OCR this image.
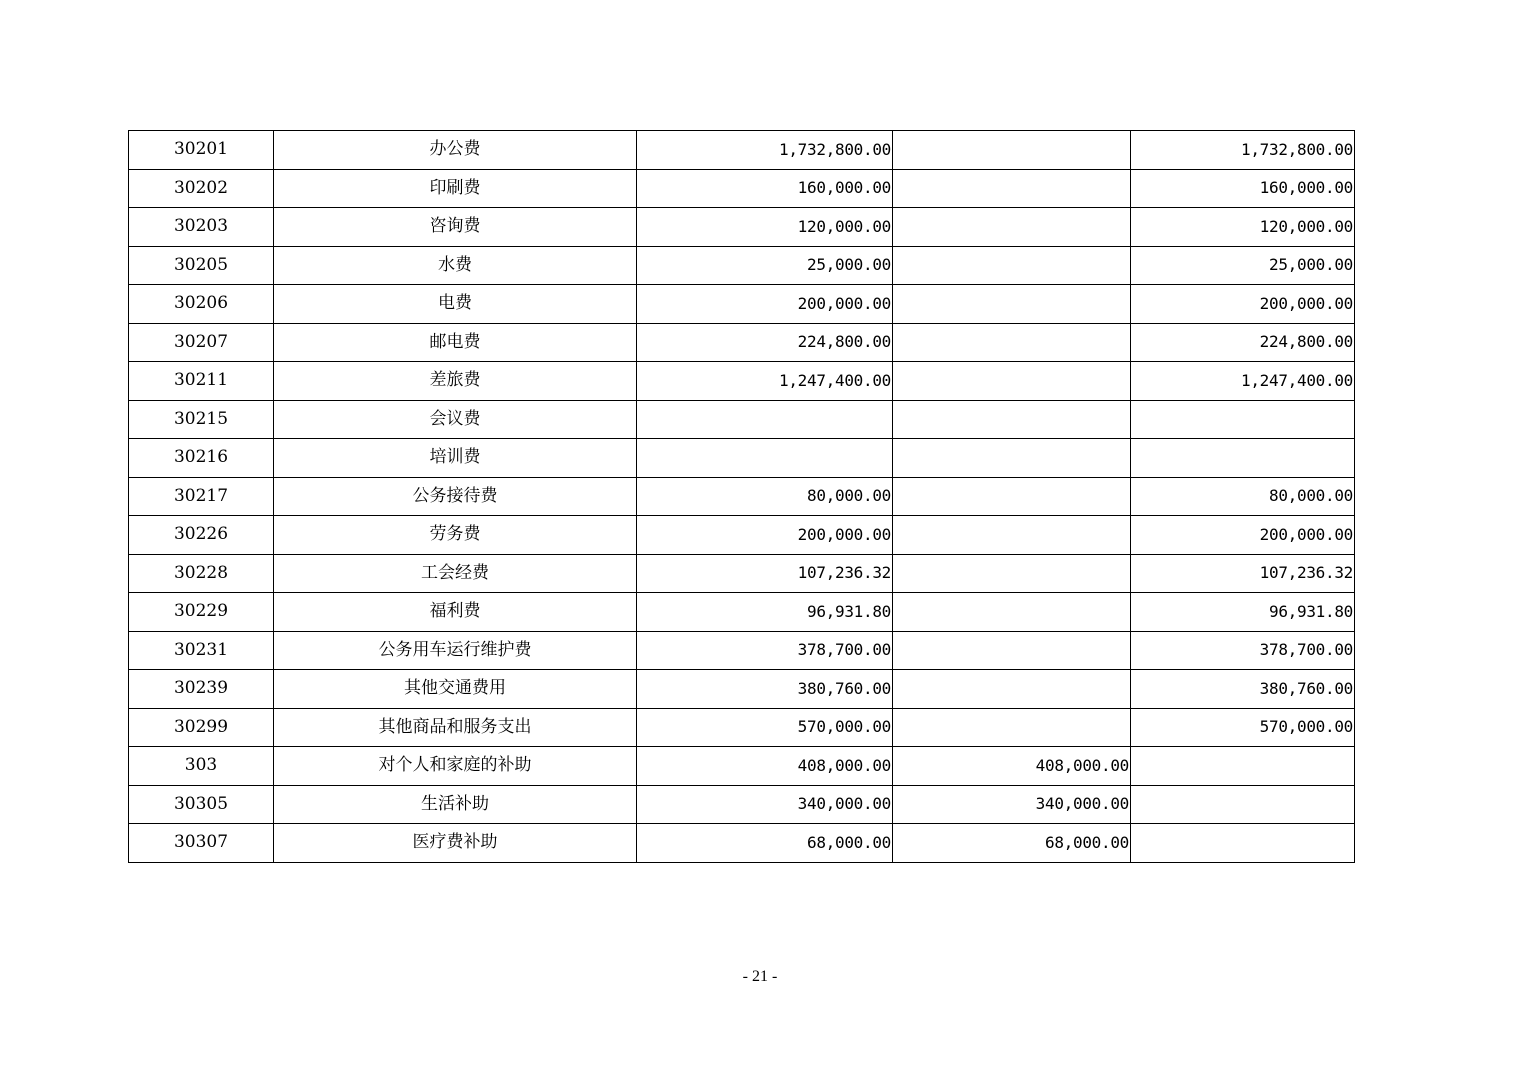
30201	办公费	1,732,800.00		1,732,800.00
30202	印刷费	160,000.00		160,000.00
30203	咨询费	120,000.00		120,000.00
30205	水费	25,000.00		25,000.00
30206	电费	200,000.00		200,000.00
30207	邮电费	224,800.00		224,800.00
30211	差旅费	1,247,400.00		1,247,400.00
30215	会议费			
30216	培训费			
30217	公务接待费	80,000.00		80,000.00
30226	劳务费	200,000.00		200,000.00
30228	工会经费	107,236.32		107,236.32
30229	福利费	96,931.80		96,931.80
30231	公务用车运行维护费	378,700.00		378,700.00
30239	其他交通费用	380,760.00		380,760.00
30299	其他商品和服务支出	570,000.00		570,000.00
303	对个人和家庭的补助	408,000.00	408,000.00	
30305	生活补助	340,000.00	340,000.00	
30307	医疗费补助	68,000.00	68,000.00	
- 21 -
